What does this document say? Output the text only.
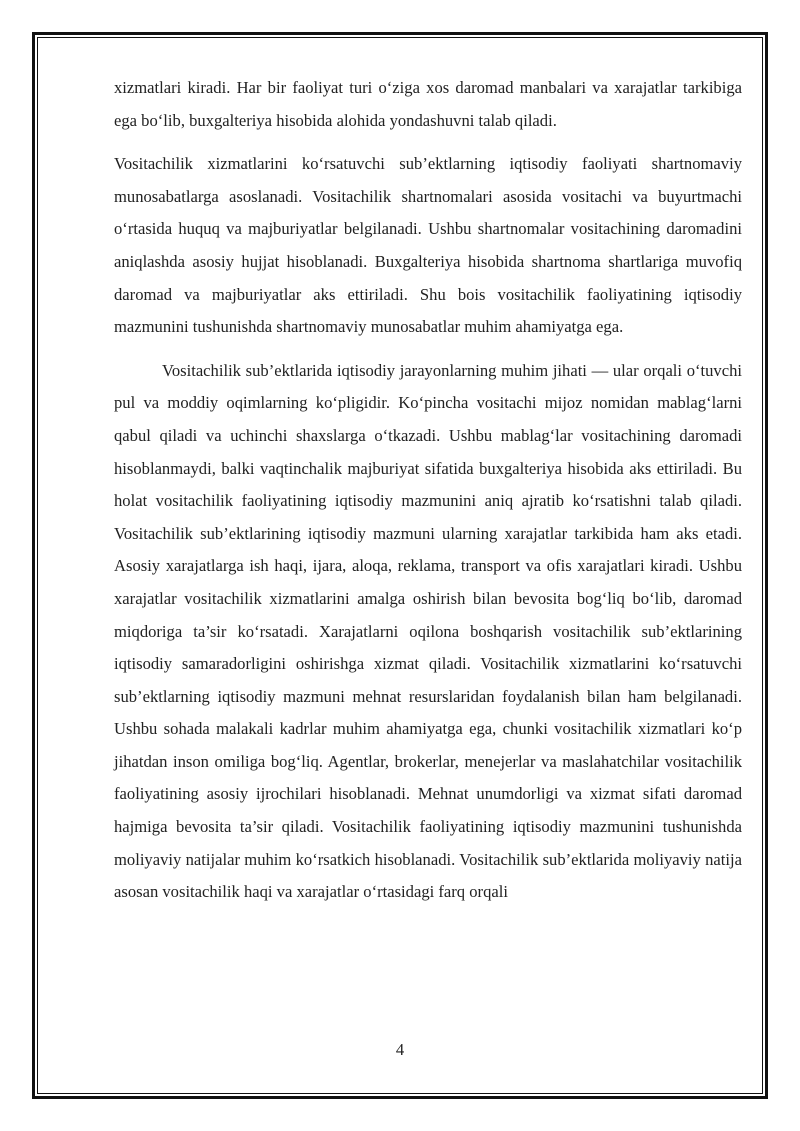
xizmatlari kiradi. Har bir faoliyat turi o‘ziga xos daromad manbalari va xarajatlar tarkibiga ega bo‘lib, buxgalteriya hisobida alohida yondashuvni talab qiladi.

Vositachilik xizmatlarini ko‘rsatuvchi sub’ektlarning iqtisodiy faoliyati shartnomaviy munosabatlarga asoslanadi. Vositachilik shartnomalari asosida vositachi va buyurtmachi o‘rtasida huquq va majburiyatlar belgilanadi. Ushbu shartnomalar vositachining daromadini aniqlashda asosiy hujjat hisoblanadi. Buxgalteriya hisobida shartnoma shartlariga muvofiq daromad va majburiyatlar aks ettiriladi. Shu bois vositachilik faoliyatining iqtisodiy mazmunini tushunishda shartnomaviy munosabatlar muhim ahamiyatga ega.

Vositachilik sub’ektlarida iqtisodiy jarayonlarning muhim jihati — ular orqali o‘tuvchi pul va moddiy oqimlarning ko‘pligidir. Ko‘pincha vositachi mijoz nomidan mablag‘larni qabul qiladi va uchinchi shaxslarga o‘tkazadi. Ushbu mablag‘lar vositachining daromadi hisoblanmaydi, balki vaqtinchalik majburiyat sifatida buxgalteriya hisobida aks ettiriladi. Bu holat vositachilik faoliyatining iqtisodiy mazmunini aniq ajratib ko‘rsatishni talab qiladi. Vositachilik sub’ektlarining iqtisodiy mazmuni ularning xarajatlar tarkibida ham aks etadi. Asosiy xarajatlarga ish haqi, ijara, aloqa, reklama, transport va ofis xarajatlari kiradi. Ushbu xarajatlar vositachilik xizmatlarini amalga oshirish bilan bevosita bog‘liq bo‘lib, daromad miqdoriga ta’sir ko‘rsatadi. Xarajatlarni oqilona boshqarish vositachilik sub’ektlarining iqtisodiy samaradorligini oshirishga xizmat qiladi. Vositachilik xizmatlarini ko‘rsatuvchi sub’ektlarning iqtisodiy mazmuni mehnat resurslaridan foydalanish bilan ham belgilanadi. Ushbu sohada malakali kadrlar muhim ahamiyatga ega, chunki vositachilik xizmatlari ko‘p jihatdan inson omiliga bog‘liq. Agentlar, brokerlar, menejerlar va maslahatchilar vositachilik faoliyatining asosiy ijrochilari hisoblanadi. Mehnat unumdorligi va xizmat sifati daromad hajmiga bevosita ta’sir qiladi. Vositachilik faoliyatining iqtisodiy mazmunini tushunishda moliyaviy natijalar muhim ko‘rsatkich hisoblanadi. Vositachilik sub’ektlarida moliyaviy natija asosan vositachilik haqi va xarajatlar o‘rtasidagi farq orqali

4
